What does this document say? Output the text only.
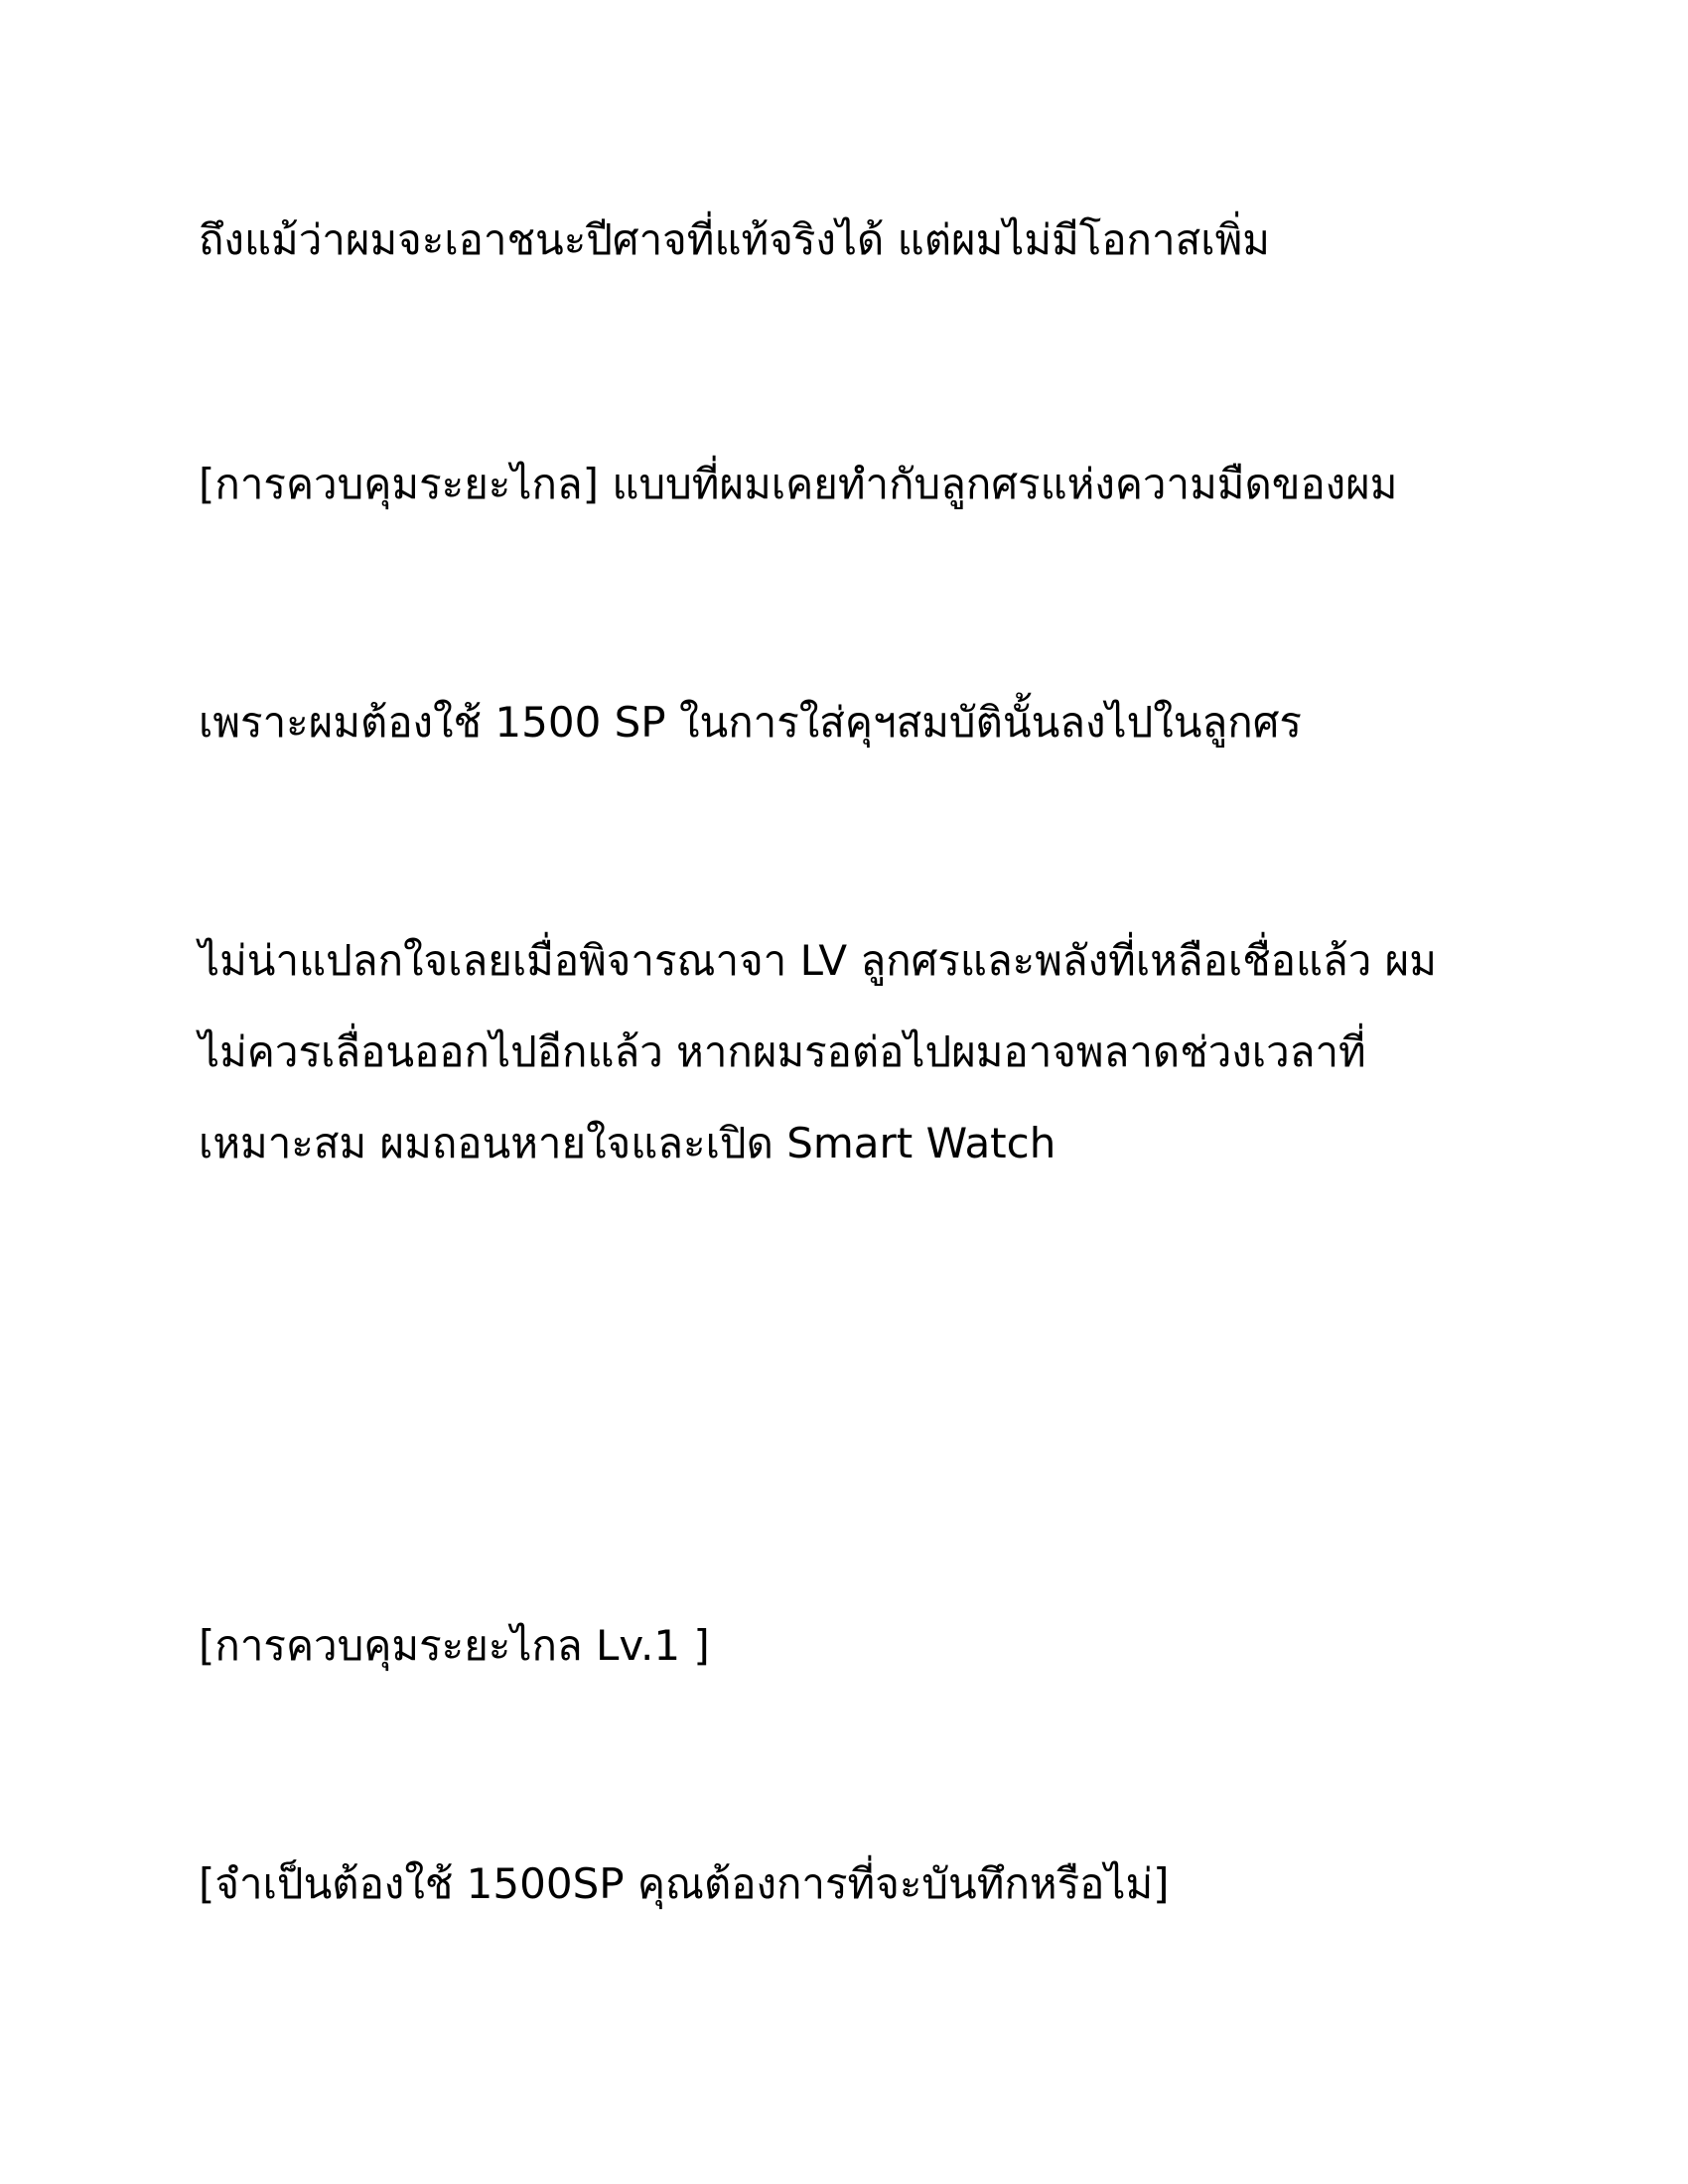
ถึงแม้ว่าผมจะเอาชนะปีศาจที่แท้จริงได้ แต่ผมไม่มีโอกาสเพิ่ม

[การควบคุมระยะไกล] แบบที่ผมเคยทำกับลูกศรแห่งความมืดของผม

เพราะผมต้องใช้ 1500 SP ในการใส่คุฯสมบัตินั้นลงไปในลูกศร

ไม่น่าแปลกใจเลยเมื่อพิจารณาจา LV ลูกศรและพลังที่เหลือเชื่อแล้ว ผม
ไม่ควรเลื่อนออกไปอีกแล้ว หากผมรอต่อไปผมอาจพลาดช่วงเวลาที่
เหมาะสม ผมถอนหายใจและเปิด Smart Watch

[การควบคุมระยะไกล Lv.1 ]

[จำเป็นต้องใช้ 1500SP คุณต้องการที่จะบันทึกหรือไม่]
